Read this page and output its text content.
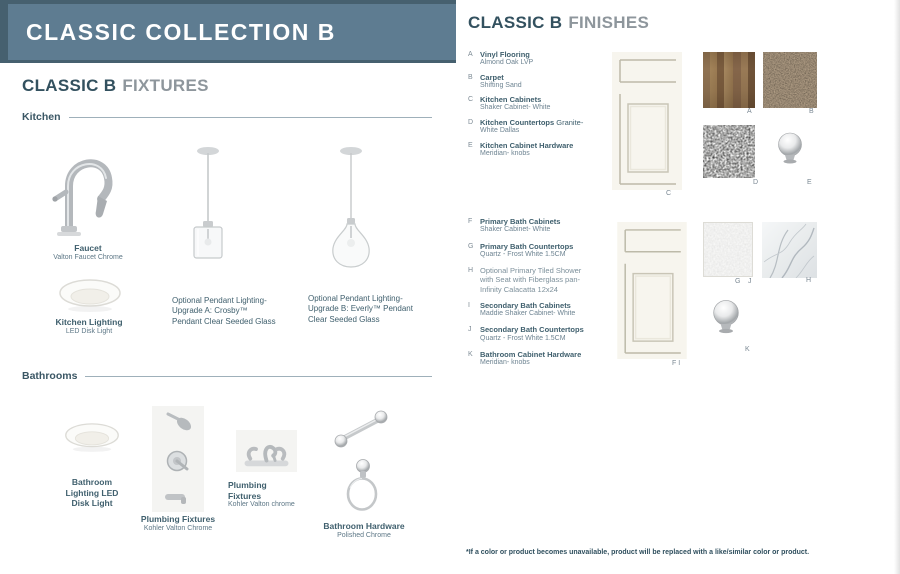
CLASSIC COLLECTION B
CLASSIC B FIXTURES
Kitchen
Faucet
Valton Faucet Chrome
Kitchen Lighting
LED Disk Light
Optional Pendant Lighting- Upgrade A: Crosby™ Pendant Clear Seeded Glass
Optional Pendant Lighting- Upgrade B: Everly™ Pendant Clear Seeded Glass
Bathrooms
Bathroom Lighting LED Disk Light
Plumbing Fixtures
Kohler Valton Chrome
Plumbing Fixtures
Kohler Valton chrome
Bathroom Hardware
Polished Chrome
CLASSIC B FINISHES
A Vinyl Flooring
Almond Oak LVP
B Carpet
Shifting Sand
C Kitchen Cabinets
Shaker Cabinet- White
D Kitchen Countertops Granite-
White Dallas
E Kitchen Cabinet Hardware
Meridian- knobs
C
A	B
D	E
F	Primary Bath Cabinets
Shaker Cabinet- White
G Primary Bath Countertops
Quartz - Frost White 1.5CM
H Optional Primary Tiled Shower with Seat with Fiberglass pan- Infinity Calacatta 12x24
I	Secondary Bath Cabinets
Maddie Shaker Cabinet- White
J	Secondary Bath Countertops
Quartz - Frost White 1.5CM
K Bathroom Cabinet Hardware
Meridian- knobs	F I
G J	H
K
*If a color or product becomes unavailable, product will be replaced with a like/similar color or product.
